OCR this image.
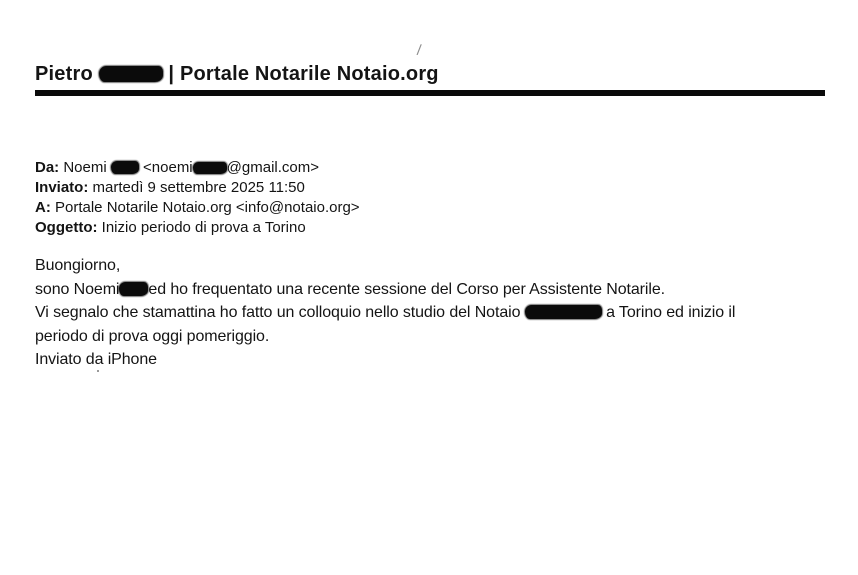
/
Pietro	| Portale Notarile Notaio.org
Da: Noemi  <noemi @gmail.com>
Inviato: martedì 9 settembre 2025 11:50
A: Portale Notarile Notaio.org <info@notaio.org>
Oggetto: Inizio periodo di prova a Torino
Buongiorno,
sono Noemi ed ho frequentato una recente sessione del Corso per Assistente Notarile.
Vi segnalo che stamattina ho fatto un colloquio nello studio del Notaio	a Torino ed inizio il
periodo di prova oggi pomeriggio.
Inviato da iPhone
